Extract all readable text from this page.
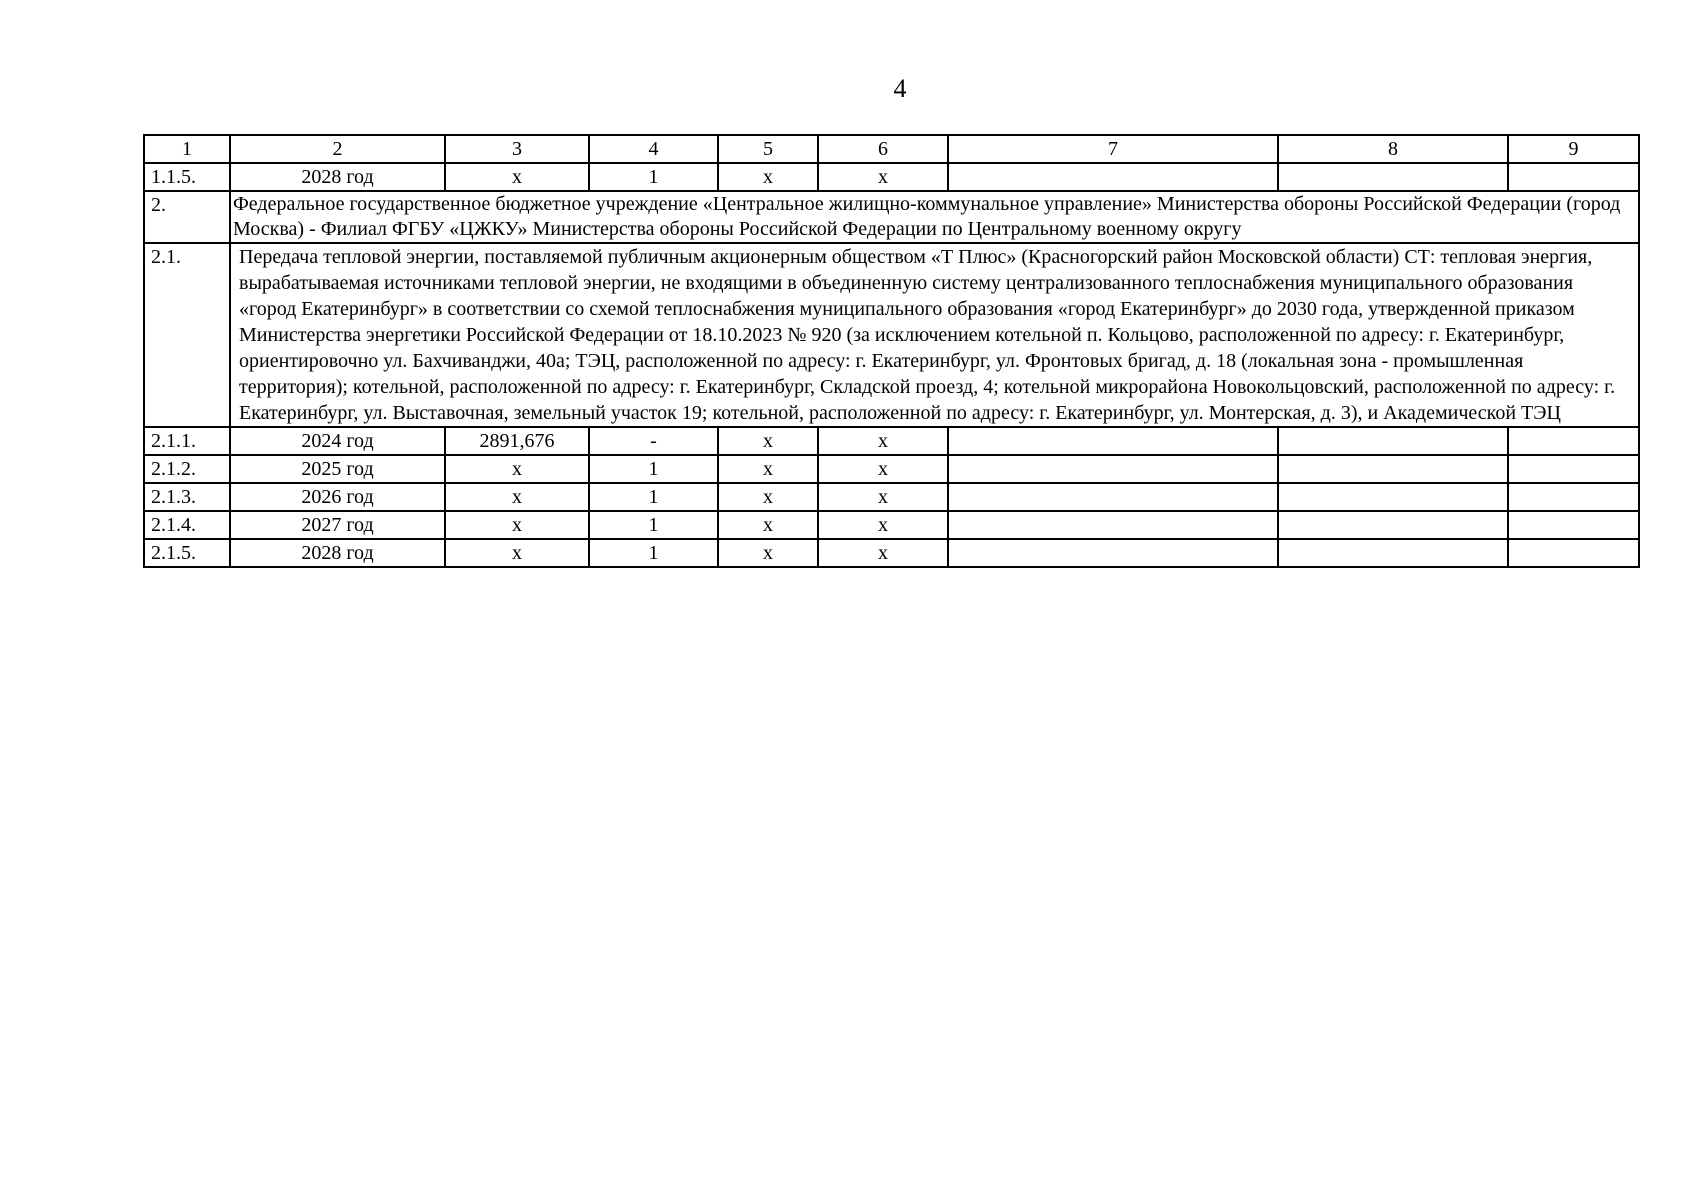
4
1	2	3	4	5	6	7	8	9
1.1.5.	2028 год	х	1	х	х			
2.	Федеральное государственное бюджетное учреждение «Центральное жилищно-коммунальное управление» Министерства обороны Российской Федерации (город Москва) - Филиал ФГБУ «ЦЖКУ» Министерства обороны Российской Федерации по Центральному военному округу							
2.1.	Передача тепловой энергии, поставляемой публичным акционерным обществом «Т Плюс» (Красногорский район Московской области) СТ: тепловая энергия, вырабатываемая источниками тепловой энергии, не входящими в объединенную систему централизованного теплоснабжения муниципального образования «город Екатеринбург» в соответствии со схемой теплоснабжения муниципального образования «город Екатеринбург» до 2030 года, утвержденной приказом Министерства энергетики Российской Федерации от 18.10.2023 № 920 (за исключением котельной п. Кольцово, расположенной по адресу: г. Екатеринбург, ориентировочно ул. Бахчиванджи, 40а; ТЭЦ, расположенной по адресу: г. Екатеринбург, ул. Фронтовых бригад, д. 18 (локальная зона - промышленная территория); котельной, расположенной по адресу: г. Екатеринбург, Складской проезд, 4; котельной микрорайона Новокольцовский, расположенной по адресу: г. Екатеринбург, ул. Выставочная, земельный участок 19; котельной, расположенной по адресу: г. Екатеринбург, ул. Монтерская, д. 3), и Академической ТЭЦ							
2.1.1.	2024 год	2891,676	-	х	х			
2.1.2.	2025 год	х	1	х	х			
2.1.3.	2026 год	х	1	х	х			
2.1.4.	2027 год	х	1	х	х			
2.1.5.	2028 год	х	1	х	х			
